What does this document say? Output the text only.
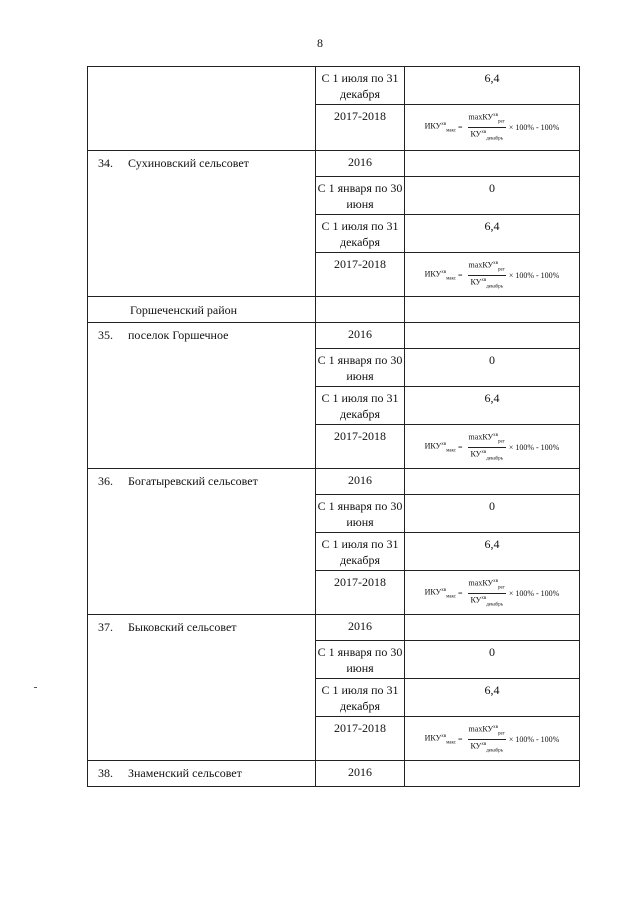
8

	С 1 июля по 31 декабря	6,4

	2017-2018	$ИКУ^{хв}_{макс} = \frac{\max КУ^{хв}_{рег}}{КУ^{хв}_{декабрь}} \times 100\% - 100\%$

34. Сухиновский сельсовет	2016	

	С 1 января по 30 июня	0

	С 1 июля по 31 декабря	6,4

	2017-2018	$ИКУ^{хв}_{макс} = \frac{\max КУ^{хв}_{рег}}{КУ^{хв}_{декабрь}} \times 100\% - 100\%$

Горшеченский район		

35. поселок Горшечное	2016	

	С 1 января по 30 июня	0

	С 1 июля по 31 декабря	6,4

	2017-2018	$ИКУ^{хв}_{макс} = \frac{\max КУ^{хв}_{рег}}{КУ^{хв}_{декабрь}} \times 100\% - 100\%$

36. Богатыревский сельсовет	2016	

	С 1 января по 30 июня	0

	С 1 июля по 31 декабря	6,4

	2017-2018	$ИКУ^{хв}_{макс} = \frac{\max КУ^{хв}_{рег}}{КУ^{хв}_{декабрь}} \times 100\% - 100\%$

37. Быковский сельсовет	2016	

	С 1 января по 30 июня	0

	С 1 июля по 31 декабря	6,4

	2017-2018	$ИКУ^{хв}_{макс} = \frac{\max КУ^{хв}_{рег}}{КУ^{хв}_{декабрь}} \times 100\% - 100\%$

38. Знаменский сельсовет	2016	
